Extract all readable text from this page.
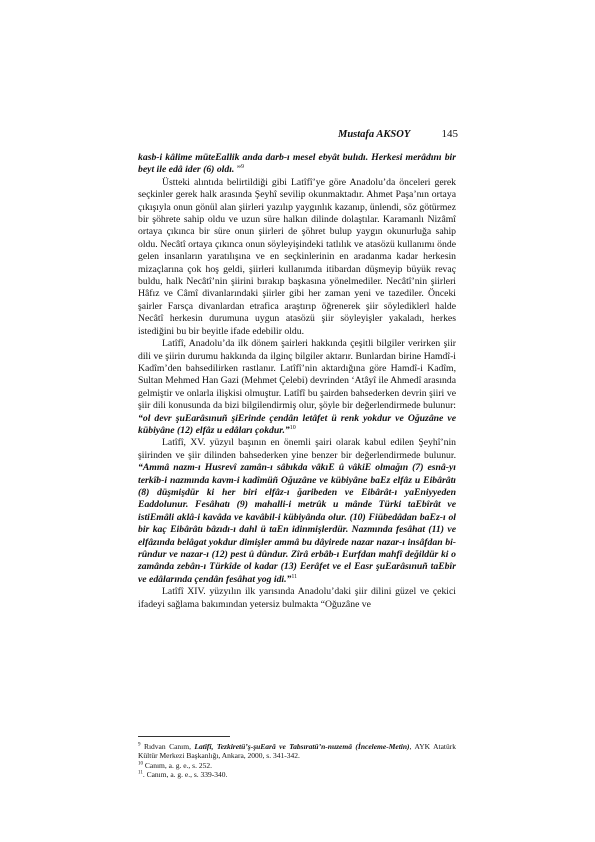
Mustafa AKSOY	145

kasb-i kâlime müteEallik anda darb-ı mesel ebyât bulıdı. Herkesi merâdını bir beyt ile edâ ider (6) oldı. ”$^9$

Üstteki alıntıda belirtildiği gibi Latîfî’ye göre Anadolu’da önceleri gerek seçkinler gerek halk arasında Şeyhî sevilip okunmaktadır. Ahmet Paşa’nın ortaya çıkışıyla onun gönül alan şiirleri yazılıp yaygınlık kazanıp, ünlendi, söz götürmez bir şöhrete sahip oldu ve uzun süre halkın dilinde dolaştılar. Karamanlı Nizâmî ortaya çıkınca bir süre onun şiirleri de şöhret bulup yaygın okunurluğa sahip oldu. Necâtî ortaya çıkınca onun söyleyişindeki tatlılık ve atasözü kullanımı önde gelen insanların yaratılışına ve en seçkinlerinin en aradanma kadar herkesin mizaçlarına çok hoş geldi, şiirleri kullanımda itibardan düşmeyip büyük revaç buldu, halk Necâtî’nin şiirini bırakıp başkasına yönelmediler. Necâtî’nin şiirleri Hâfız ve Câmî divanlarındaki şiirler gibi her zaman yeni ve tazediler. Önceki şairler Farsça divanlardan etrafica araştırıp öğrenerek şiir söylediklerl halde Necâtî herkesin durumuna uygun atasözü şiir söyleyişler yakaladı, herkes istediğini bu bir beyitle ifade edebilir oldu.

Latîfî, Anadolu’da ilk dönem şairleri hakkında çeşitli bilgiler verirken şiir dili ve şiirin durumu hakkında da ilginç bilgiler aktarır. Bunlardan birine Hamdî-i Kadîm’den bahsedilirken rastlanır. Latîfî’nin aktardığına göre Hamdî-i Kadîm, Sultan Mehmed Han Gazi (Mehmet Çelebi) devrinden ‘Atâyî ile Ahmedî arasında gelmiştir ve onlarla ilişkisi olmuştur. Latîfî bu şairden bahsederken devrin şiiri ve şiir dili konusunda da bizi bilgilendirmiş olur, şöyle bir değerlendirmede bulunur: “ol devr şuEarâsınuñ şiErinde çendân letâfet ü renk yokdur ve Oğuzâne ve kübiyâne (12) elfâz u edâları çokdur.”$^{10}$

Latîfî, XV. yüzyıl başının en önemli şairi olarak kabul edilen Şeyhî’nin şiirinden ve şiir dilinden bahsederken yine benzer bir değerlendirmede bulunur. “Ammâ nazm-ı Husrevî zamân-ı sâbıkda vâkıE û vâkiE olmağın (7) esnâ-yı terkîb-i nazmında kavm-i kadîmüñ Oğuzâne ve kübiyâne baEz elfâz u Eibârâtı (8) düşmişdür ki her biri elfâz-ı ğaribeden ve Eibârât-ı yaEniyyeden Eaddolunur. Fesâhatı (9) mahalli-i metrûk u mânde Türki taEbîrât ve istiEmâli aklâ-i kavâda ve kavâbil-i kübiyânda olur. (10) Fiübedâdan baEz-ı ol bir kaç Eibârâtı bâzıdı-ı dahl ü taEn idinmişlerdür. Nazmında fesâhat (11) ve elfâzında belâgat yokdur dimişler ammâ bu dâyirede nazar nazar-ı insâfdan bi-rûndur ve nazar-ı (12) pest û dûndur. Zîrâ erbâb-ı Eurfdan mahfî değildür ki o zamânda zebân-ı Türkîde ol kadar (13) Eerâfet ve el Easr şuEarâsınuñ taEbîr ve edâlarında çendân fesâhat yog idi.”$^{11}$

Latîfî XIV. yüzyılın ilk yarısında Anadolu’daki şiir dilini güzel ve çekici ifadeyi sağlama bakımından yetersiz bulmakta “Oğuzâne ve

$^9$ Rıdvan Canım, Latîfî, Tezkiretü’ş-şuEarâ ve Tabsıratü’n-nuzemâ (İnceleme-Metin), AYK Atatürk Kültür Merkezi Başkanlığı, Ankara, 2000, s. 341-342.

$^{10}$ Canım, a. g. e., s. 252.

$^{11}$. Canım, a. g. e., s. 339-340.
